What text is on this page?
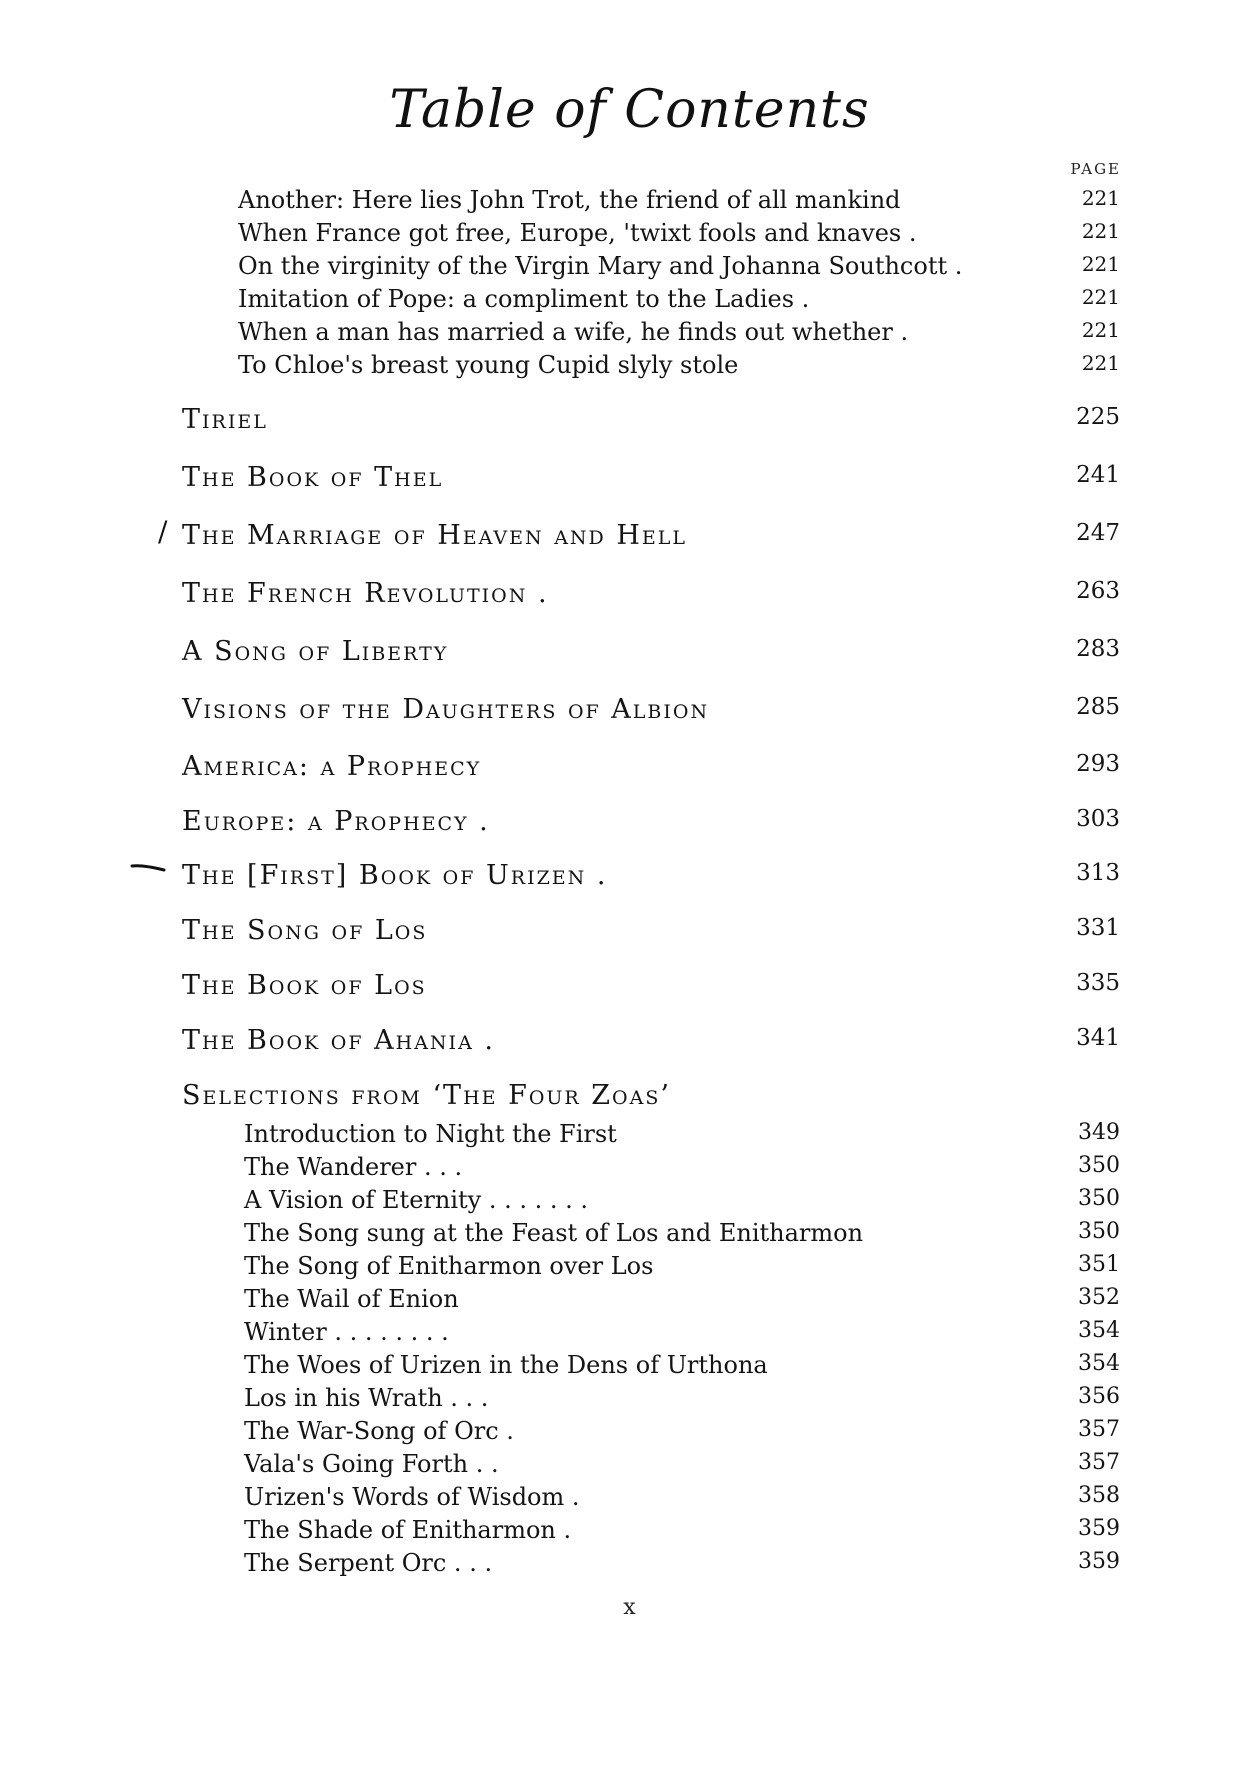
Table of Contents
PAGE
Another: Here lies John Trot, the friend of all mankind	221
When France got free, Europe, 'twixt fools and knaves .	221
On the virginity of the Virgin Mary and Johanna Southcott .	221
Imitation of Pope: a compliment to the Ladies .	221
When a man has married a wife, he finds out whether .	221
To Chloe's breast young Cupid slyly stole	221
Tiriel	225
The Book of Thel	241
/ The Marriage of Heaven and Hell	247
The French Revolution .	263
A Song of Liberty	283
Visions of the Daughters of Albion	285
America: a Prophecy	293
Europe: a Prophecy .	303
The [First] Book of Urizen .	313
The Song of Los	331
The Book of Los	335
The Book of Ahania .	341
Selections from ‘The Four Zoas’
Introduction to Night the First	349
The Wanderer . . .	350
A Vision of Eternity . . . . . . .	350
The Song sung at the Feast of Los and Enitharmon	350
The Song of Enitharmon over Los	351
The Wail of Enion	352
Winter . . . . . . . .	354
The Woes of Urizen in the Dens of Urthona	354
Los in his Wrath . . .	356
The War-Song of Orc .	357
Vala's Going Forth . .	357
Urizen's Words of Wisdom .	358
The Shade of Enitharmon .	359
The Serpent Orc . . .	359
x
